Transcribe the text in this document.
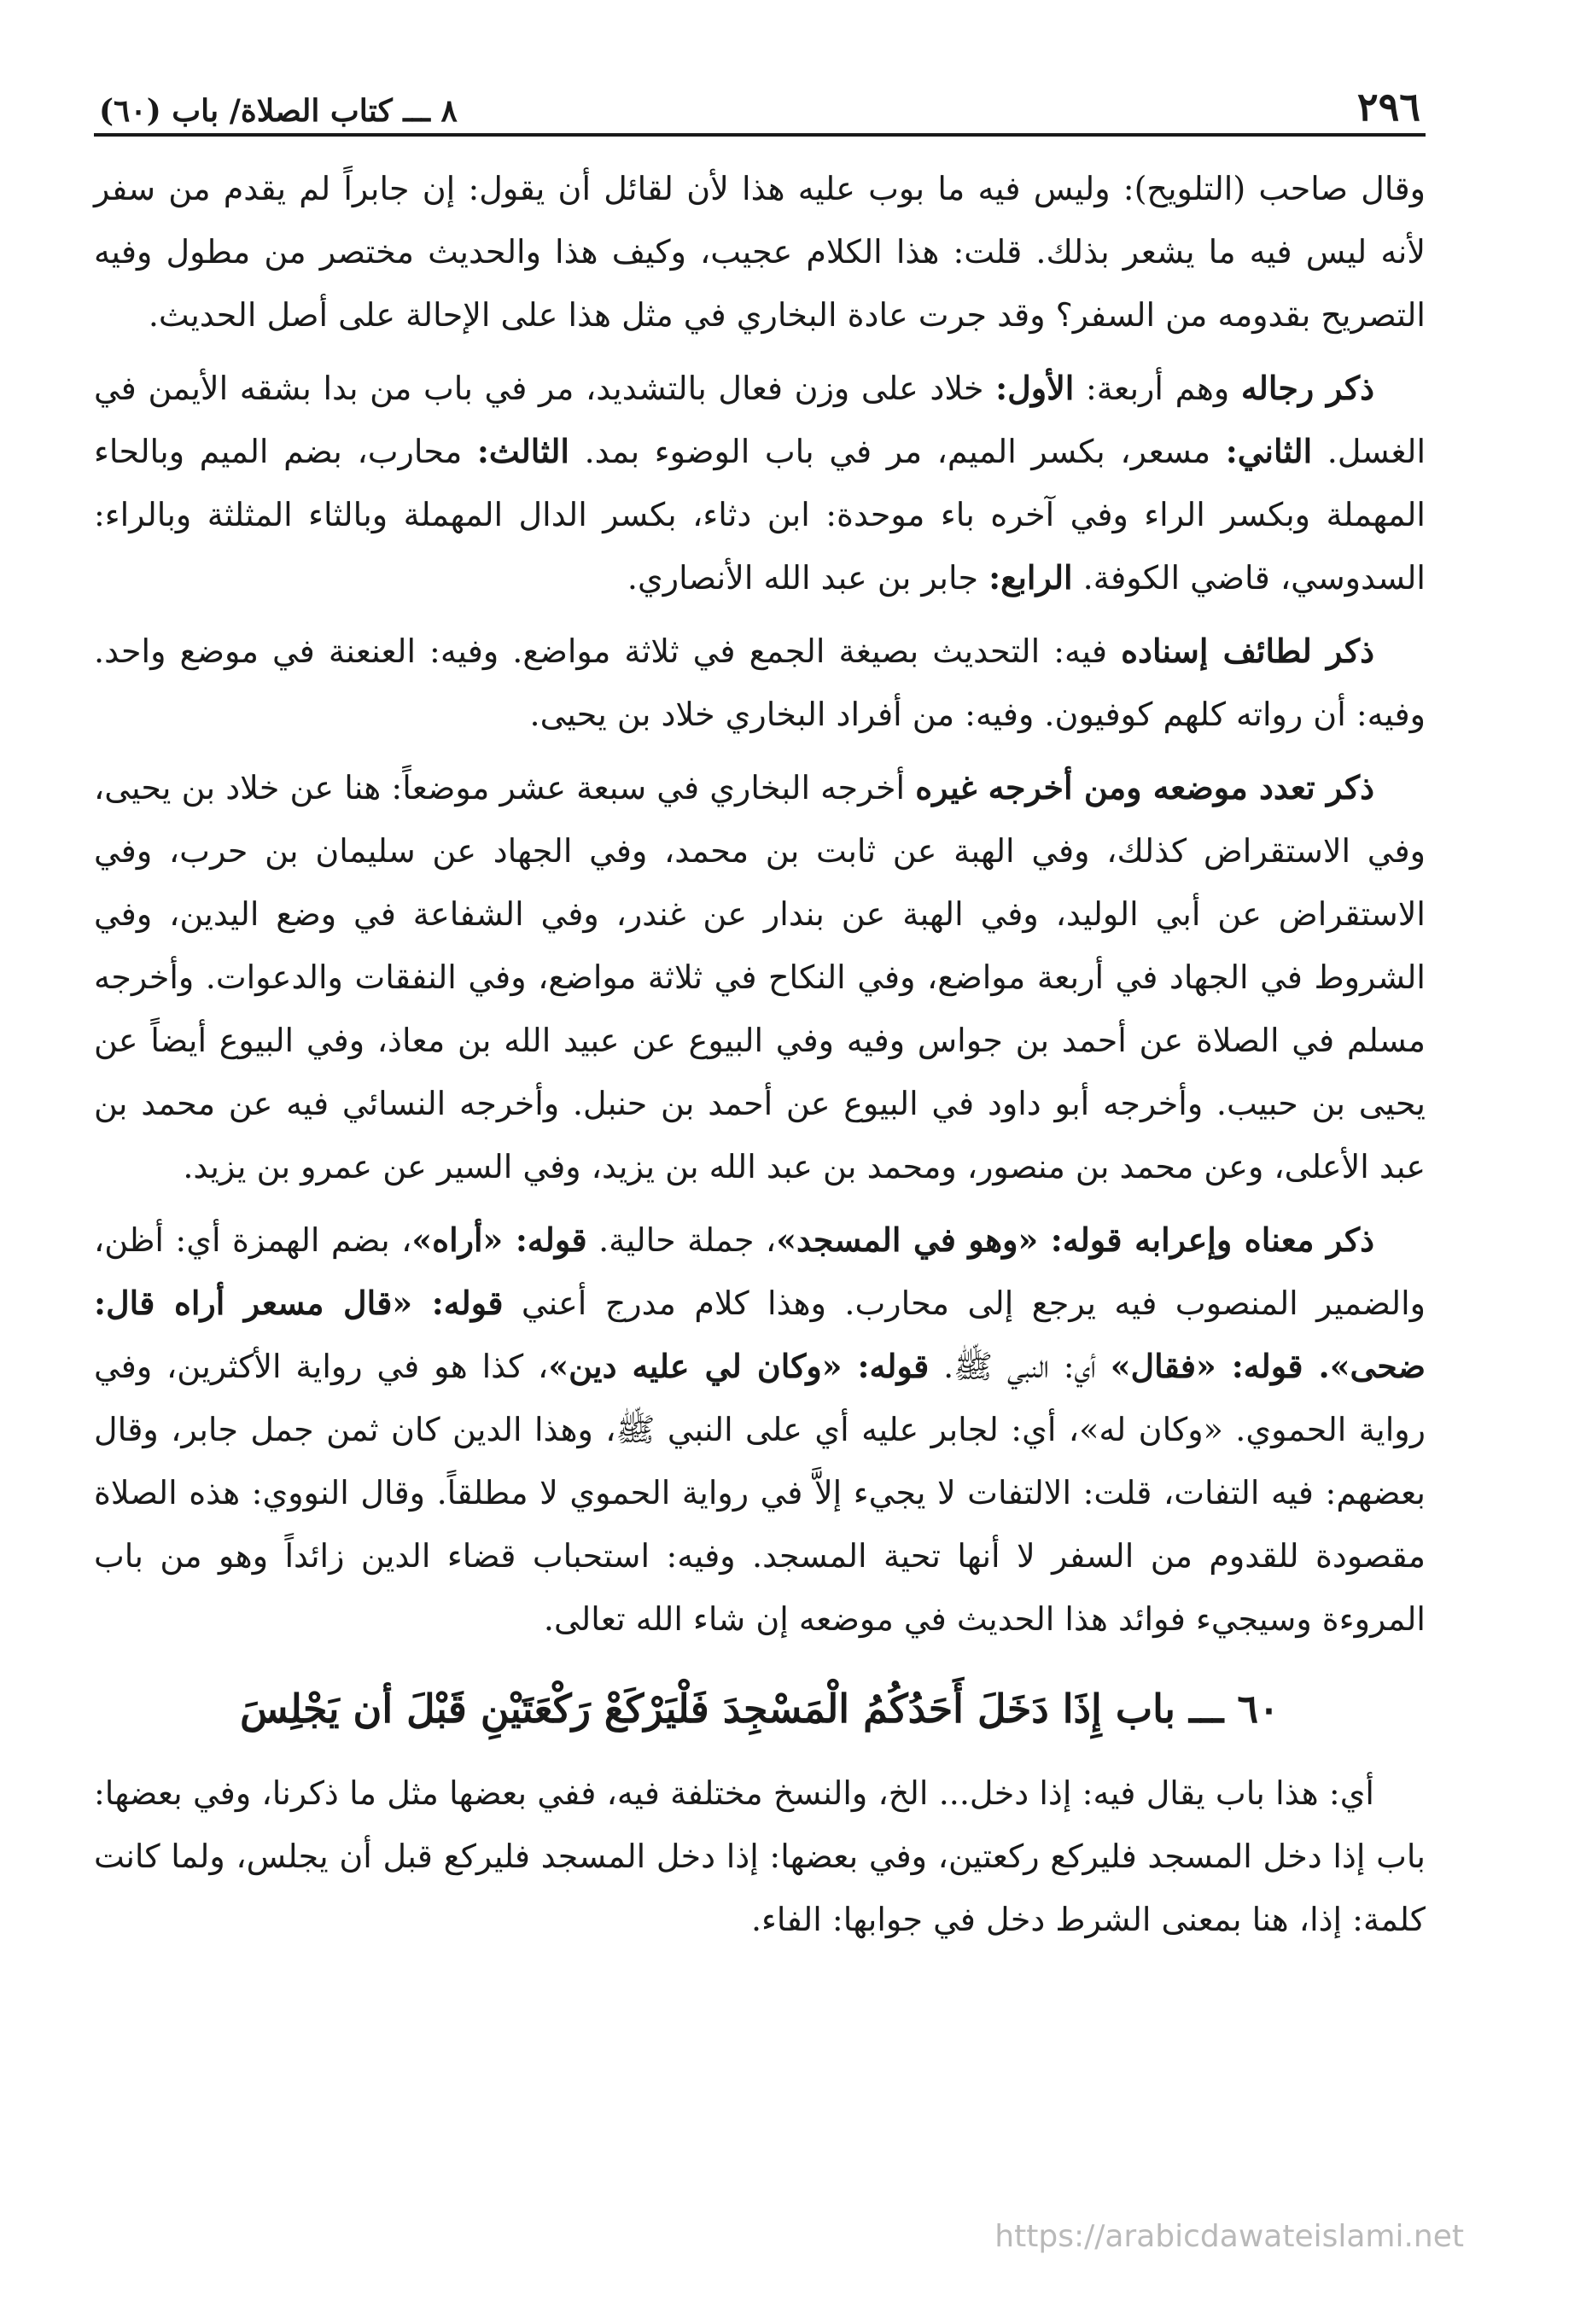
٢٩٦
٨ ـــ كتاب الصلاة/ باب (٦٠)

وقال صاحب (التلويح): وليس فيه ما بوب عليه هذا لأن لقائل أن يقول: إن جابراً لم يقدم من سفر لأنه ليس فيه ما يشعر بذلك. قلت: هذا الكلام عجيب، وكيف هذا والحديث مختصر من مطول وفيه التصريح بقدومه من السفر؟ وقد جرت عادة البخاري في مثل هذا على الإحالة على أصل الحديث.

ذكر رجاله وهم أربعة: الأول: خلاد على وزن فعال بالتشديد، مر في باب من بدا بشقه الأيمن في الغسل. الثاني: مسعر، بكسر الميم، مر في باب الوضوء بمد. الثالث: محارب، بضم الميم وبالحاء المهملة وبكسر الراء وفي آخره باء موحدة: ابن دثاء، بكسر الدال المهملة وبالثاء المثلثة وبالراء: السدوسي، قاضي الكوفة. الرابع: جابر بن عبد الله الأنصاري.

ذكر لطائف إسناده فيه: التحديث بصيغة الجمع في ثلاثة مواضع. وفيه: العنعنة في موضع واحد. وفيه: أن رواته كلهم كوفيون. وفيه: من أفراد البخاري خلاد بن يحيى.

ذكر تعدد موضعه ومن أخرجه غيره أخرجه البخاري في سبعة عشر موضعاً: هنا عن خلاد بن يحيى، وفي الاستقراض كذلك، وفي الهبة عن ثابت بن محمد، وفي الجهاد عن سليمان بن حرب، وفي الاستقراض عن أبي الوليد، وفي الهبة عن بندار عن غندر، وفي الشفاعة في وضع اليدين، وفي الشروط في الجهاد في أربعة مواضع، وفي النكاح في ثلاثة مواضع، وفي النفقات والدعوات. وأخرجه مسلم في الصلاة عن أحمد بن جواس وفيه وفي البيوع عن عبيد الله بن معاذ، وفي البيوع أيضاً عن يحيى بن حبيب. وأخرجه أبو داود في البيوع عن أحمد بن حنبل. وأخرجه النسائي فيه عن محمد بن عبد الأعلى، وعن محمد بن منصور، ومحمد بن عبد الله بن يزيد، وفي السير عن عمرو بن يزيد.

ذكر معناه وإعرابه قوله: «وهو في المسجد»، جملة حالية. قوله: «أراه»، بضم الهمزة أي: أظن، والضمير المنصوب فيه يرجع إلى محارب. وهذا كلام مدرج أعني قوله: «قال مسعر أراه قال: ضحى». قوله: «فقال» أي: النبي ﷺ. قوله: «وكان لي عليه دين»، كذا هو في رواية الأكثرين، وفي رواية الحموي. «وكان له»، أي: لجابر عليه أي على النبي ﷺ، وهذا الدين كان ثمن جمل جابر، وقال بعضهم: فيه التفات، قلت: الالتفات لا يجيء إلاَّ في رواية الحموي لا مطلقاً. وقال النووي: هذه الصلاة مقصودة للقدوم من السفر لا أنها تحية المسجد. وفيه: استحباب قضاء الدين زائداً وهو من باب المروءة وسيجيء فوائد هذا الحديث في موضعه إن شاء الله تعالى.

٦٠ ـــ باب إِذَا دَخَلَ أَحَدُكُمُ الْمَسْجِدَ فَلْيَرْكَعْ رَكْعَتَيْنِ قَبْلَ أن يَجْلِسَ

أي: هذا باب يقال فيه: إذا دخل... الخ، والنسخ مختلفة فيه، ففي بعضها مثل ما ذكرنا، وفي بعضها: باب إذا دخل المسجد فليركع ركعتين، وفي بعضها: إذا دخل المسجد فليركع قبل أن يجلس، ولما كانت كلمة: إذا، هنا بمعنى الشرط دخل في جوابها: الفاء.

https://arabicdawateislami.net
